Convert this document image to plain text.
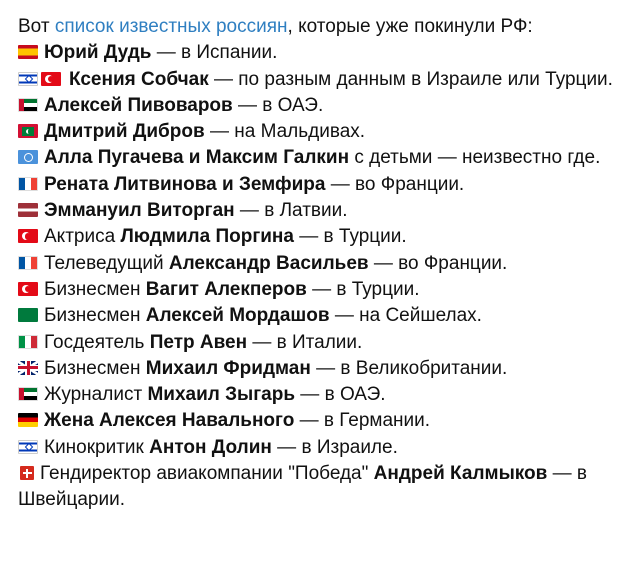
Вот список известных россиян, которые уже покинули РФ:
Юрий Дудь — в Испании.
Ксения Собчак — по разным данным в Израиле или Турции.
Алексей Пивоваров — в ОАЭ.
Дмитрий Дибров — на Мальдивах.
Алла Пугачева и Максим Галкин с детьми — неизвестно где.
Рената Литвинова и Земфира — во Франции.
Эммануил Виторган — в Латвии.
Актриса Людмила Поргина — в Турции.
Телеведущий Александр Васильев — во Франции.
Бизнесмен Вагит Алекперов — в Турции.
Бизнесмен Алексей Мордашов — на Сейшелах.
Госдеятель Петр Авен — в Италии.
Бизнесмен Михаил Фридман — в Великобритании.
Журналист Михаил Зыгарь — в ОАЭ.
Жена Алексея Навального — в Германии.
Кинокритик Антон Долин — в Израиле.
Гендиректор авиакомпании "Победа" Андрей Калмыков — в Швейцарии.
